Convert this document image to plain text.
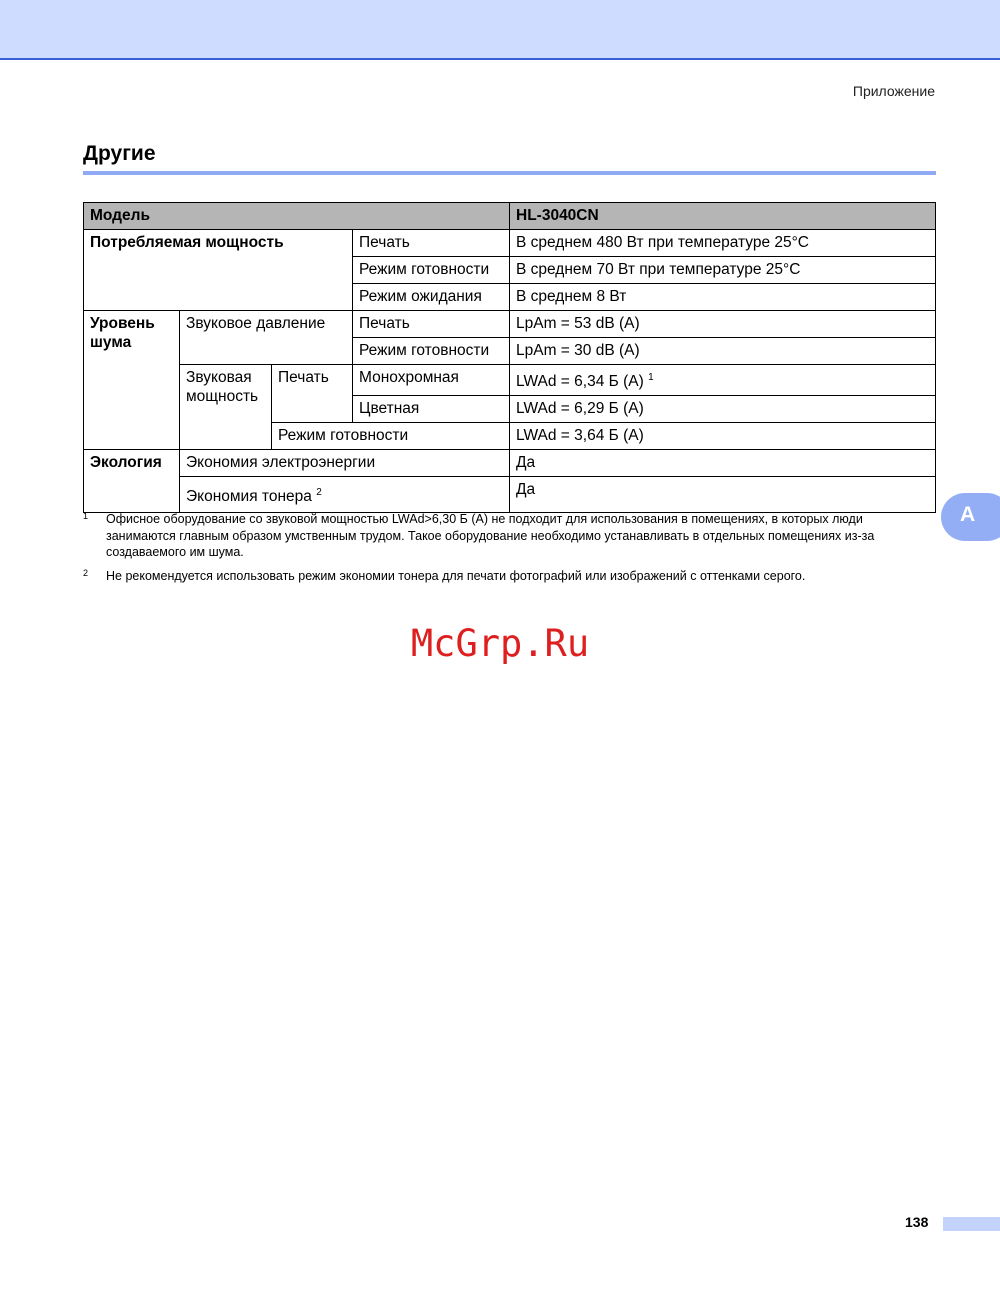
Приложение
Другие
Модель				HL-3040CN
Потребляемая мощность			Печать	В среднем 480 Вт при температуре 25°C
			Режим готовности	В среднем 70 Вт при температуре 25°C
			Режим ожидания	В среднем 8 Вт
Уровень шума	Звуковое давление		Печать	LpAm = 53 dB (A)
			Режим готовности	LpAm = 30 dB (A)
	Звуковая мощность	Печать	Монохромная	LWAd = 6,34 Б (A) $^1$
			Цветная	LWAd = 6,29 Б (A)
		Режим готовности		LWAd = 3,64 Б (A)
Экология	Экономия электроэнергии			Да
	Экономия тонера $^2$			Да
1 Офисное оборудование со звуковой мощностью LWAd>6,30 Б (A) не подходит для использования в помещениях, в которых люди занимаются главным образом умственным трудом. Такое оборудование необходимо устанавливать в отдельных помещениях из-за создаваемого им шума.
2 Не рекомендуется использовать режим экономии тонера для печати фотографий или изображений с оттенками серого.
A
McGrp.Ru
138
